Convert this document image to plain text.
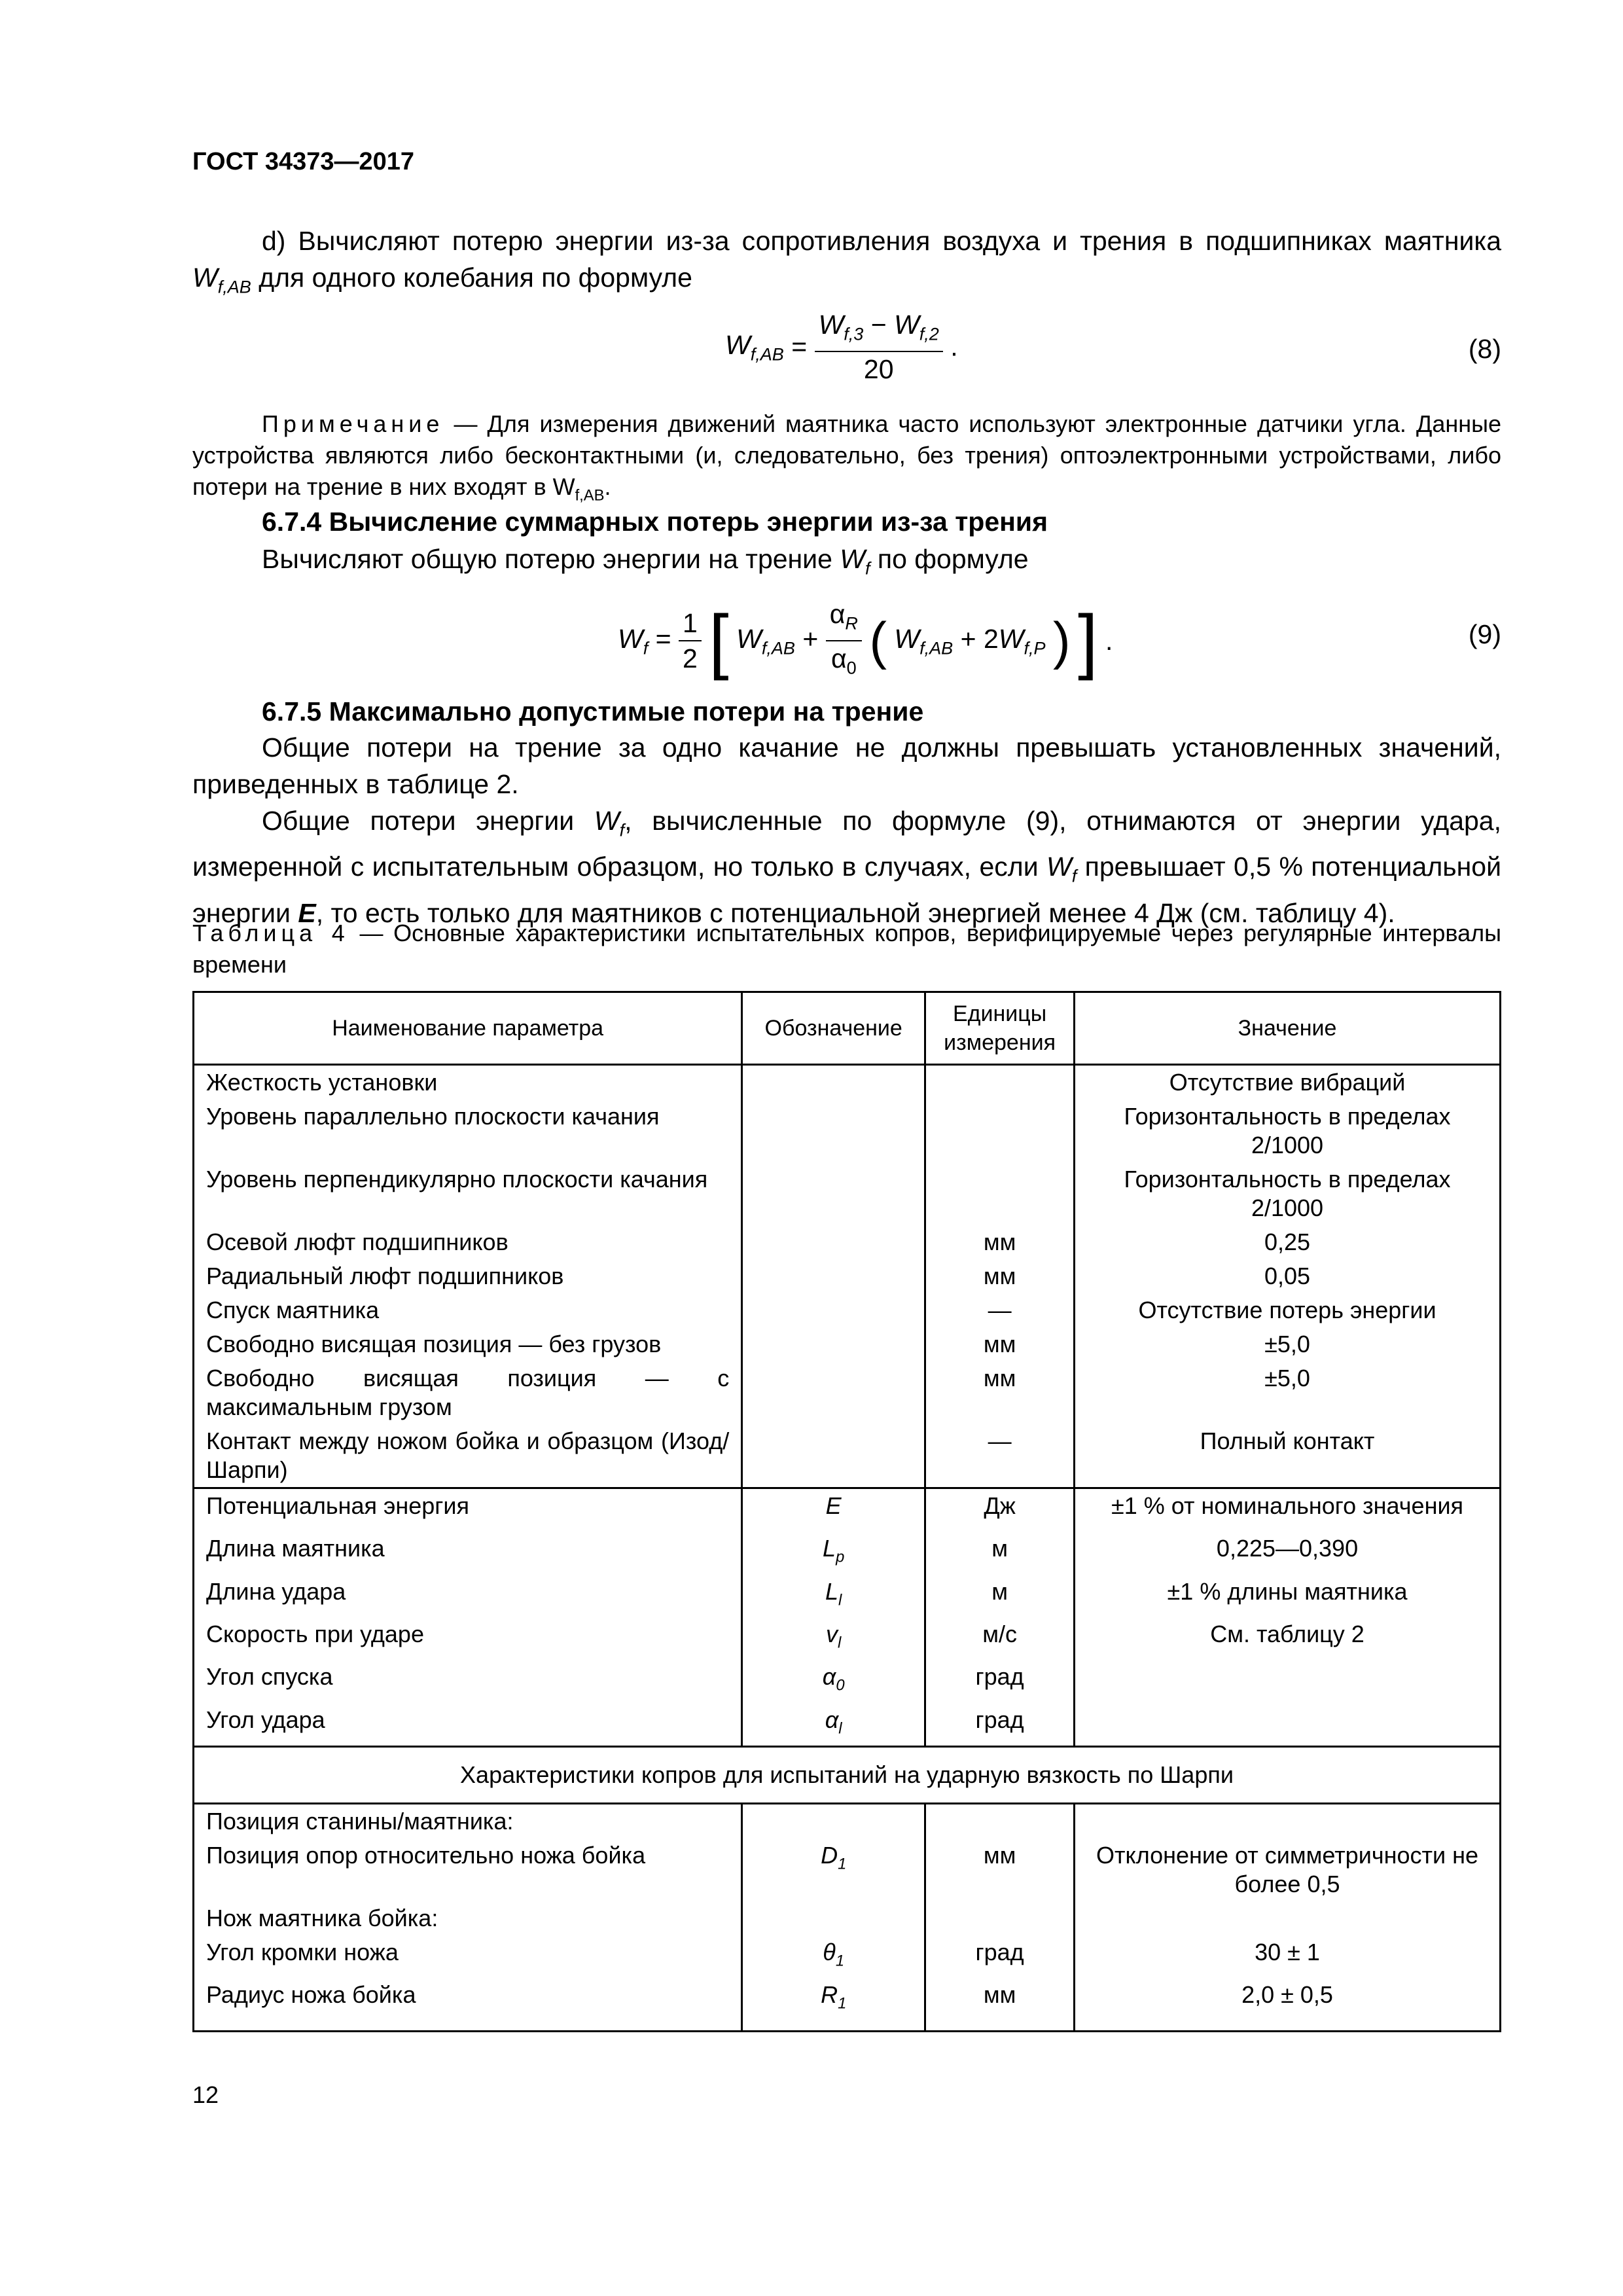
ГОСТ 34373—2017
d) Вычисляют потерю энергии из-за сопротивления воздуха и трения в подшипниках маятника $W_{f,AB}$ для одного колебания по формуле
$W_{f,AB} = \frac{W_{f,3} - W_{f,2}}{20}$ .	(8)
Примечание — Для измерения движений маятника часто используют электронные датчики угла. Данные устройства являются либо бесконтактными (и, следовательно, без трения) оптоэлектронными устройствами, либо потери на трение в них входят в $W_{f,AB}$.
6.7.4 Вычисление суммарных потерь энергии из-за трения
Вычисляют общую потерю энергии на трение $W_f$ по формуле
$W_f = \frac{1}{2}$ [ $W_{f,AB} + \frac{\alpha_R}{\alpha_0}$ ( $W_{f,AB} + 2W_{f,P}$ ) ] .	(9)
6.7.5 Максимально допустимые потери на трение
Общие потери на трение за одно качание не должны превышать установленных значений, приведенных в таблице 2.
Общие потери энергии $W_f$, вычисленные по формуле (9), отнимаются от энергии удара, измеренной с испытательным образцом, но только в случаях, если $W_f$ превышает 0,5 % потенциальной энергии E, то есть только для маятников с потенциальной энергией менее 4 Дж (см. таблицу 4).
Таблица 4 — Основные характеристики испытательных копров, верифицируемые через регулярные интервалы времени
Наименование параметра	Обозначение	Единицы измерения	Значение
Жесткость установки			Отсутствие вибраций
Уровень параллельно плоскости качания			Горизонтальность в пределах 2/1000
Уровень перпендикулярно плоскости качания			Горизонтальность в пределах 2/1000
Осевой люфт подшипников		мм	0,25
Радиальный люфт подшипников		мм	0,05
Спуск маятника		—	Отсутствие потерь энергии
Свободно висящая позиция — без грузов		мм	±5,0
Свободно висящая позиция — с максимальным грузом		мм	±5,0
Контакт между ножом бойка и образцом (Изод/Шарпи)		—	Полный контакт
Потенциальная энергия	E	Дж	±1 % от номинального значения
Длина маятника	$L_p$	м	0,225—0,390
Длина удара	$L_l$	м	±1 % длины маятника
Скорость при ударе	$v_l$	м/с	См. таблицу 2
Угол спуска	$\alpha_0$	град	
Угол удара	$\alpha_l$	град	
Характеристики копров для испытаний на ударную вязкость по Шарпи			
Позиция станины/маятника:			
Позиция опор относительно ножа бойка	$D_1$	мм	Отклонение от симметричности не более 0,5
Нож маятника бойка:			
Угол кромки ножа	$\theta_1$	град	30 ± 1
Радиус ножа бойка	$R_1$	мм	2,0 ± 0,5
12
